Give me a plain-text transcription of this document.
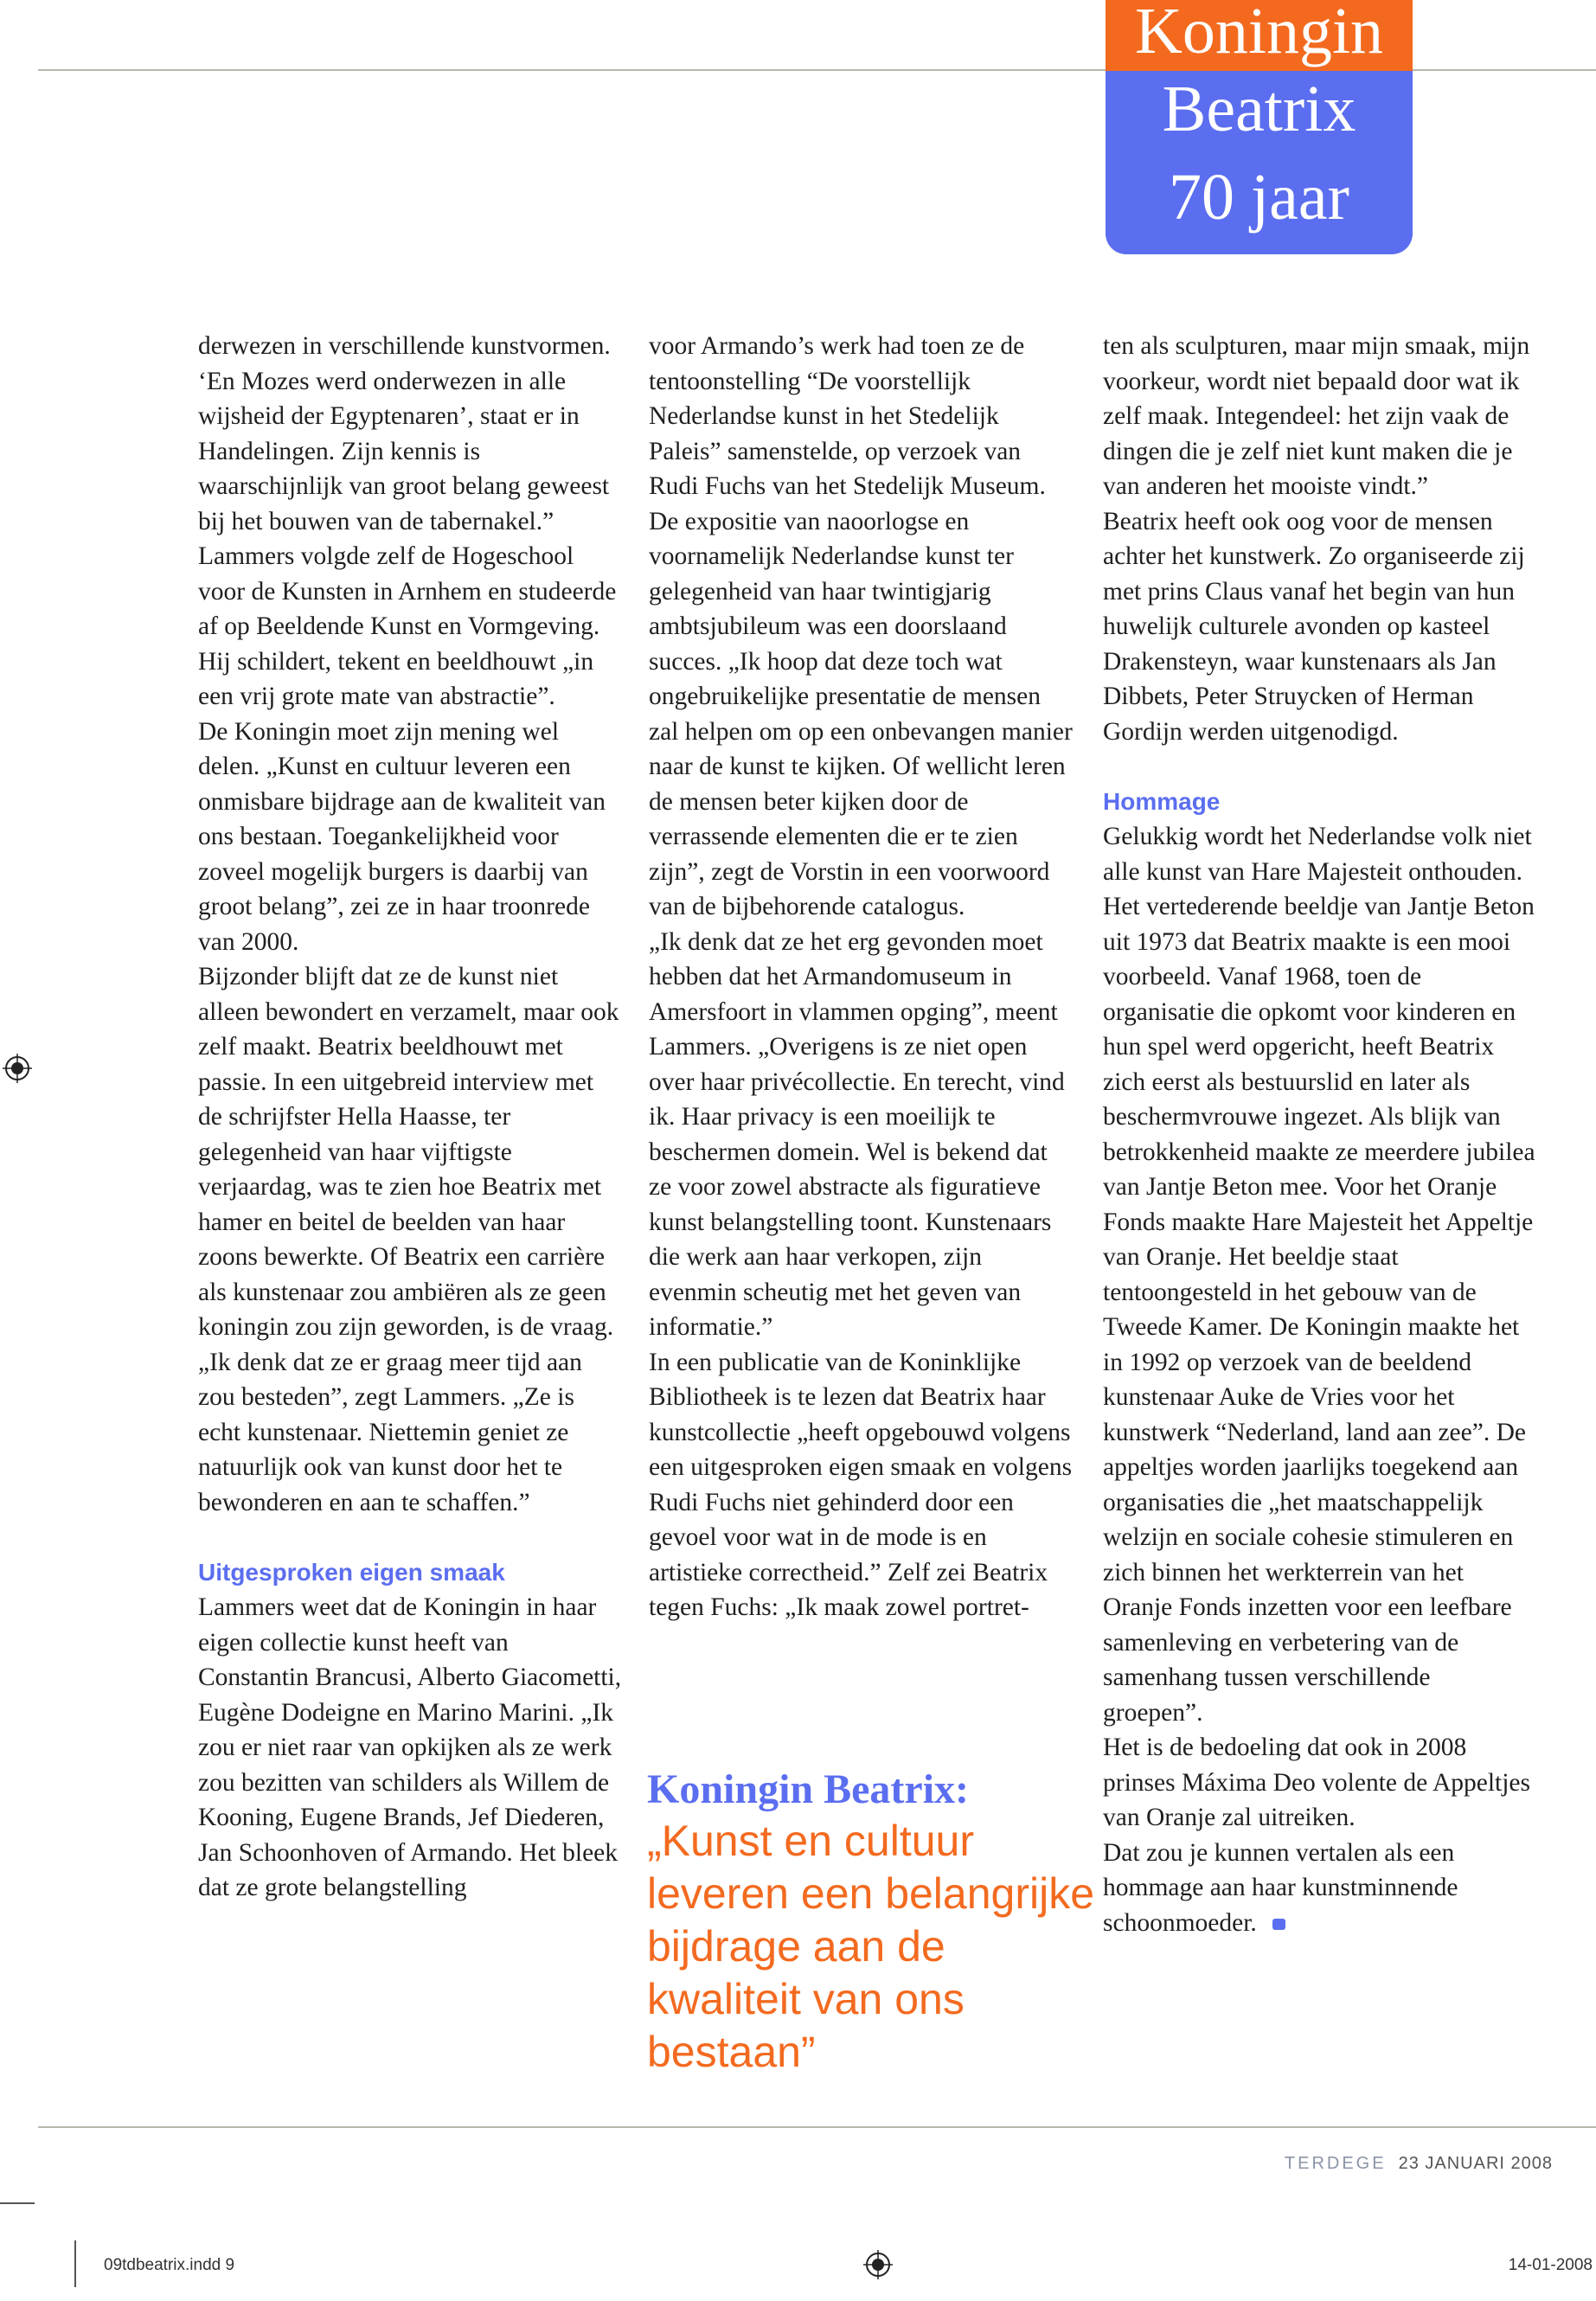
Koningin
Beatrix
70 jaar

derwezen in verschillende kunstvormen. ‘En Mozes werd onderwezen in alle wijsheid der Egyptenaren’, staat er in Handelingen. Zijn kennis is waarschijnlijk van groot belang geweest bij het bouwen van de tabernakel.”

Lammers volgde zelf de Hogeschool voor de Kunsten in Arnhem en studeerde af op Beeldende Kunst en Vormgeving. Hij schildert, tekent en beeldhouwt „in een vrij grote mate van abstractie”.

De Koningin moet zijn mening wel delen. „Kunst en cultuur leveren een onmisbare bijdrage aan de kwaliteit van ons bestaan. Toegankelijkheid voor zoveel mogelijk burgers is daarbij van groot belang”, zei ze in haar troonrede van 2000.

Bijzonder blijft dat ze de kunst niet alleen bewondert en verzamelt, maar ook zelf maakt. Beatrix beeldhouwt met passie. In een uitgebreid interview met de schrijfster Hella Haasse, ter gelegenheid van haar vijftigste verjaardag, was te zien hoe Beatrix met hamer en beitel de beelden van haar zoons bewerkte. Of Beatrix een carrière als kunstenaar zou ambiëren als ze geen koningin zou zijn geworden, is de vraag.

„Ik denk dat ze er graag meer tijd aan zou besteden”, zegt Lammers. „Ze is echt kunstenaar. Niettemin geniet ze natuurlijk ook van kunst door het te bewonderen en aan te schaffen.”

Uitgesproken eigen smaak

Lammers weet dat de Koningin in haar eigen collectie kunst heeft van Constantin Brancusi, Alberto Giacometti, Eugène Dodeigne en Marino Marini. „Ik zou er niet raar van opkijken als ze werk zou bezitten van schilders als Willem de Kooning, Eugene Brands, Jef Diederen, Jan Schoonhoven of Armando. Het bleek dat ze grote belangstelling

voor Armando’s werk had toen ze de tentoonstelling “De voorstellijk Nederlandse kunst in het Stedelijk Paleis” samenstelde, op verzoek van Rudi Fuchs van het Stedelijk Museum. De expositie van naoorlogse en voornamelijk Nederlandse kunst ter gelegenheid van haar twintigjarig ambtsjubileum was een doorslaand succes. „Ik hoop dat deze toch wat ongebruikelijke presentatie de mensen zal helpen om op een onbevangen manier naar de kunst te kijken. Of wellicht leren de mensen beter kijken door de verrassende elementen die er te zien zijn”, zegt de Vorstin in een voorwoord van de bijbehorende catalogus.

„Ik denk dat ze het erg gevonden moet hebben dat het Armandomuseum in Amersfoort in vlammen opging”, meent Lammers. „Overigens is ze niet open over haar privécollectie. En terecht, vind ik. Haar privacy is een moeilijk te beschermen domein. Wel is bekend dat ze voor zowel abstracte als figuratieve kunst belangstelling toont. Kunstenaars die werk aan haar verkopen, zijn evenmin scheutig met het geven van informatie.”

In een publicatie van de Koninklijke Bibliotheek is te lezen dat Beatrix haar kunstcollectie „heeft opgebouwd volgens een uitgesproken eigen smaak en volgens Rudi Fuchs niet gehinderd door een gevoel voor wat in de mode is en artistieke correctheid.” Zelf zei Beatrix tegen Fuchs: „Ik maak zowel portret-

Koningin Beatrix:

„Kunst en cultuur leveren een belangrijke bijdrage aan de kwaliteit van ons bestaan”

ten als sculpturen, maar mijn smaak, mijn voorkeur, wordt niet bepaald door wat ik zelf maak. Integendeel: het zijn vaak de dingen die je zelf niet kunt maken die je van anderen het mooiste vindt.”

Beatrix heeft ook oog voor de mensen achter het kunstwerk. Zo organiseerde zij met prins Claus vanaf het begin van hun huwelijk culturele avonden op kasteel Drakensteyn, waar kunstenaars als Jan Dibbets, Peter Struycken of Herman Gordijn werden uitgenodigd.

Hommage

Gelukkig wordt het Nederlandse volk niet alle kunst van Hare Majesteit onthouden. Het vertederende beeldje van Jantje Beton uit 1973 dat Beatrix maakte is een mooi voorbeeld. Vanaf 1968, toen de organisatie die opkomt voor kinderen en hun spel werd opgericht, heeft Beatrix zich eerst als bestuurslid en later als beschermvrouwe ingezet. Als blijk van betrokkenheid maakte ze meerdere jubilea van Jantje Beton mee. Voor het Oranje Fonds maakte Hare Majesteit het Appeltje van Oranje. Het beeldje staat tentoongesteld in het gebouw van de Tweede Kamer. De Koningin maakte het in 1992 op verzoek van de beeldend kunstenaar Auke de Vries voor het kunstwerk “Nederland, land aan zee”. De appeltjes worden jaarlijks toegekend aan organisaties die „het maatschappelijk welzijn en sociale cohesie stimuleren en zich binnen het werkterrein van het Oranje Fonds inzetten voor een leefbare samenleving en verbetering van de samenhang tussen verschillende groepen”.

Het is de bedoeling dat ook in 2008 prinses Máxima Deo volente de Appeltjes van Oranje zal uitreiken.

Dat zou je kunnen vertalen als een hommage aan haar kunstminnende schoonmoeder.

TERDEGE 23 JANUARI 2008
09tdbeatrix.indd 9	14-01-2008
